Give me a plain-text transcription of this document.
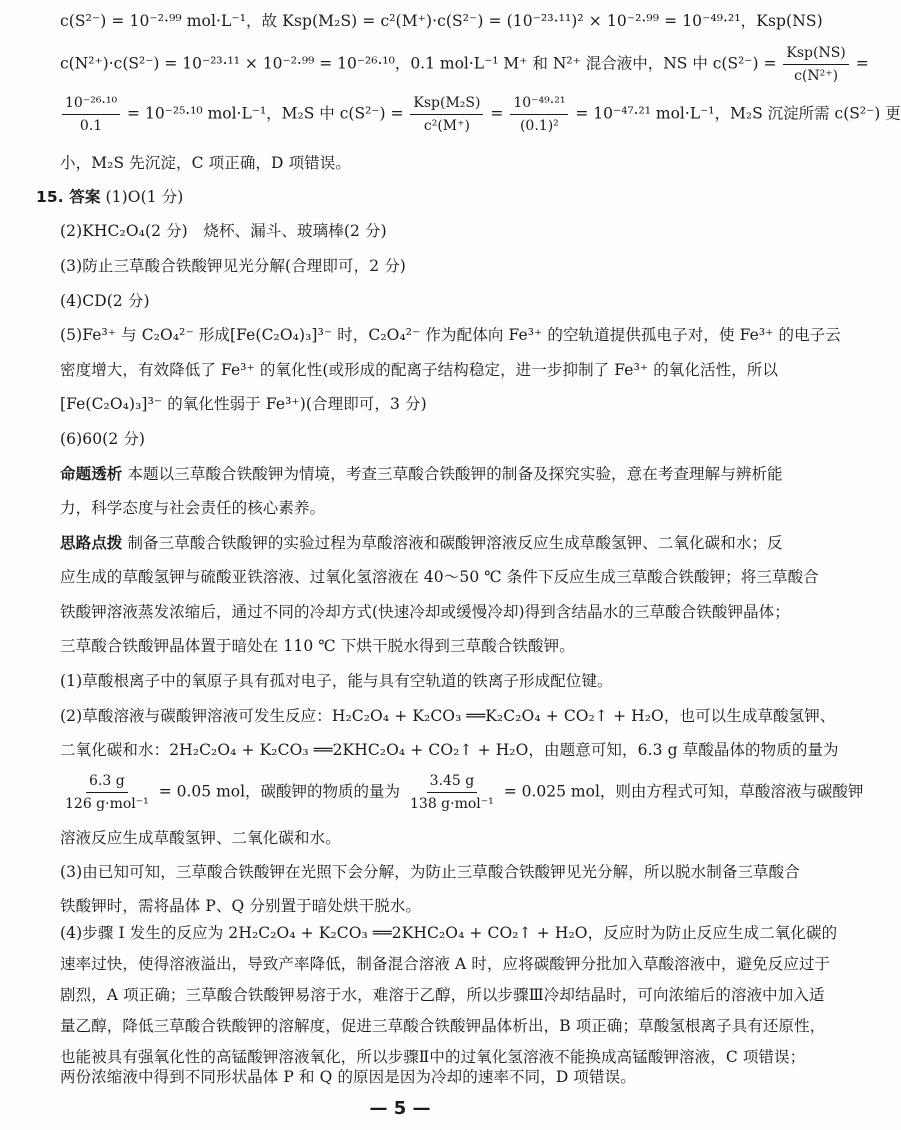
c(S²⁻) = 10⁻²·⁹⁹ mol·L⁻¹，故 Ksp(M₂S) = c²(M⁺)·c(S²⁻) = (10⁻²³·¹¹)² × 10⁻²·⁹⁹ = 10⁻⁴⁹·²¹，Ksp(NS)
c(N²⁺)·c(S²⁻) = 10⁻²³·¹¹ × 10⁻²·⁹⁹ = 10⁻²⁶·¹⁰，0.1 mol·L⁻¹ M⁺ 和 N²⁺ 混合液中，NS 中 c(S²⁻) =
Ksp(NS)
c(N²⁺)
=
$\frac{\text{10⁻²⁶·¹⁰}}{0.1} = 10^{-25}\cdot^{10}$ mol·L⁻¹，M₂S 中 c(S²⁻) =
Ksp(M₂S)
c²(M⁺)
= $\frac{\text{10⁻⁴⁹·²¹}}{\text{(0.1)²}} = 10^{-47}\cdot^{21}$ mol·L⁻¹，M₂S 沉淀所需 c(S²⁻) 更
小，M₂S 先沉淀，C 项正确，D 项错误。
15. 答案 (1)O(1 分)
(2)KHC₂O₄(2 分)　烧杯、漏斗、玻璃棒(2 分)
(3)防止三草酸合铁酸钾见光分解(合理即可，2 分)
(4)CD(2 分)
(5)Fe³⁺ 与 C₂O₄²⁻ 形成[Fe(C₂O₄)₃]³⁻ 时，C₂O₄²⁻ 作为配体向 Fe³⁺ 的空轨道提供孤电子对，使 Fe³⁺ 的电子云
密度增大，有效降低了 Fe³⁺ 的氧化性(或形成的配离子结构稳定，进一步抑制了 Fe³⁺ 的氧化活性，所以
[Fe(C₂O₄)₃]³⁻ 的氧化性弱于 Fe³⁺)(合理即可，3 分)
(6)60(2 分)
命题透析 本题以三草酸合铁酸钾为情境，考查三草酸合铁酸钾的制备及探究实验，意在考查理解与辨析能
力，科学态度与社会责任的核心素养。
思路点拨 制备三草酸合铁酸钾的实验过程为草酸溶液和碳酸钾溶液反应生成草酸氢钾、二氧化碳和水；反
应生成的草酸氢钾与硫酸亚铁溶液、过氧化氢溶液在 40～50 ℃ 条件下反应生成三草酸合铁酸钾；将三草酸合
铁酸钾溶液蒸发浓缩后，通过不同的冷却方式(快速冷却或缓慢冷却)得到含结晶水的三草酸合铁酸钾晶体；
三草酸合铁酸钾晶体置于暗处在 110 ℃ 下烘干脱水得到三草酸合铁酸钾。
(1)草酸根离子中的氧原子具有孤对电子，能与具有空轨道的铁离子形成配位键。
(2)草酸溶液与碳酸钾溶液可发生反应：H₂C₂O₄ + K₂CO₃ ══K₂C₂O₄ + CO₂↑ + H₂O，也可以生成草酸氢钾、
二氧化碳和水：2H₂C₂O₄ + K₂CO₃ ══2KHC₂O₄ + CO₂↑ + H₂O，由题意可知，6.3 g 草酸晶体的物质的量为
6.3 g
126 g·mol⁻¹
= 0.05 mol，碳酸钾的物质的量为
3.45 g
138 g·mol⁻¹
= 0.025 mol，则由方程式可知，草酸溶液与碳酸钾
溶液反应生成草酸氢钾、二氧化碳和水。
(3)由已知可知，三草酸合铁酸钾在光照下会分解，为防止三草酸合铁酸钾见光分解，所以脱水制备三草酸合
铁酸钾时，需将晶体 P、Q 分别置于暗处烘干脱水。
(4)步骤 Ⅰ 发生的反应为 2H₂C₂O₄ + K₂CO₃ ══2KHC₂O₄ + CO₂↑ + H₂O，反应时为防止反应生成二氧化碳的
速率过快，使得溶液溢出，导致产率降低，制备混合溶液 A 时，应将碳酸钾分批加入草酸溶液中，避免反应过于
剧烈，A 项正确；三草酸合铁酸钾易溶于水，难溶于乙醇，所以步骤Ⅲ冷却结晶时，可向浓缩后的溶液中加入适
量乙醇，降低三草酸合铁酸钾的溶解度，促进三草酸合铁酸钾晶体析出，B 项正确；草酸氢根离子具有还原性，
也能被具有强氧化性的高锰酸钾溶液氧化，所以步骤Ⅱ中的过氧化氢溶液不能换成高锰酸钾溶液，C 项错误；
两份浓缩液中得到不同形状晶体 P 和 Q 的原因是因为冷却的速率不同，D 项错误。
— 5 —
